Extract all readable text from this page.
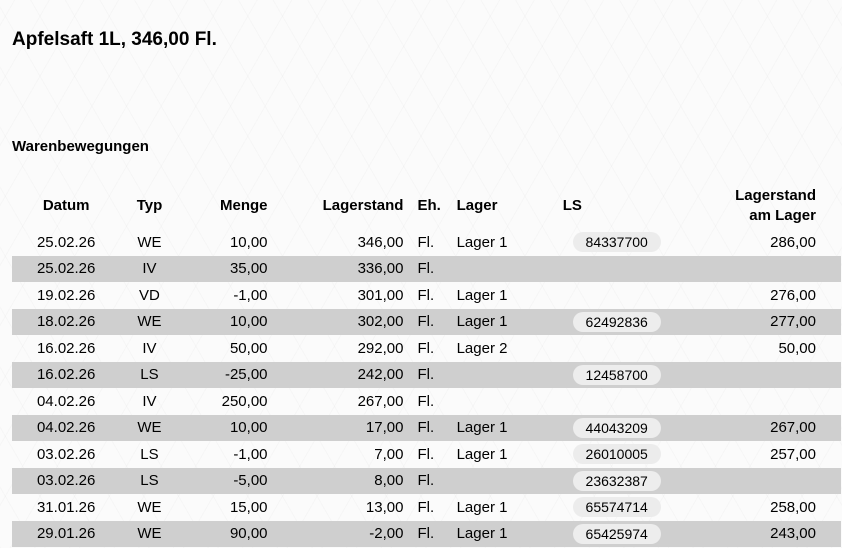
Apfelsaft 1L, 346,00 Fl.
Warenbewegungen
Datum	Typ	Menge	Lagerstand	Eh.	Lager	LS	Lagerstand
am Lager
25.02.26	WE	10,00	346,00	Fl.	Lager 1	84337700	286,00
25.02.26	IV	35,00	336,00	Fl.			
19.02.26	VD	-1,00	301,00	Fl.	Lager 1		276,00
18.02.26	WE	10,00	302,00	Fl.	Lager 1	62492836	277,00
16.02.26	IV	50,00	292,00	Fl.	Lager 2		50,00
16.02.26	LS	-25,00	242,00	Fl.		12458700	
04.02.26	IV	250,00	267,00	Fl.			
04.02.26	WE	10,00	17,00	Fl.	Lager 1	44043209	267,00
03.02.26	LS	-1,00	7,00	Fl.	Lager 1	26010005	257,00
03.02.26	LS	-5,00	8,00	Fl.		23632387	
31.01.26	WE	15,00	13,00	Fl.	Lager 1	65574714	258,00
29.01.26	WE	90,00	-2,00	Fl.	Lager 1	65425974	243,00
